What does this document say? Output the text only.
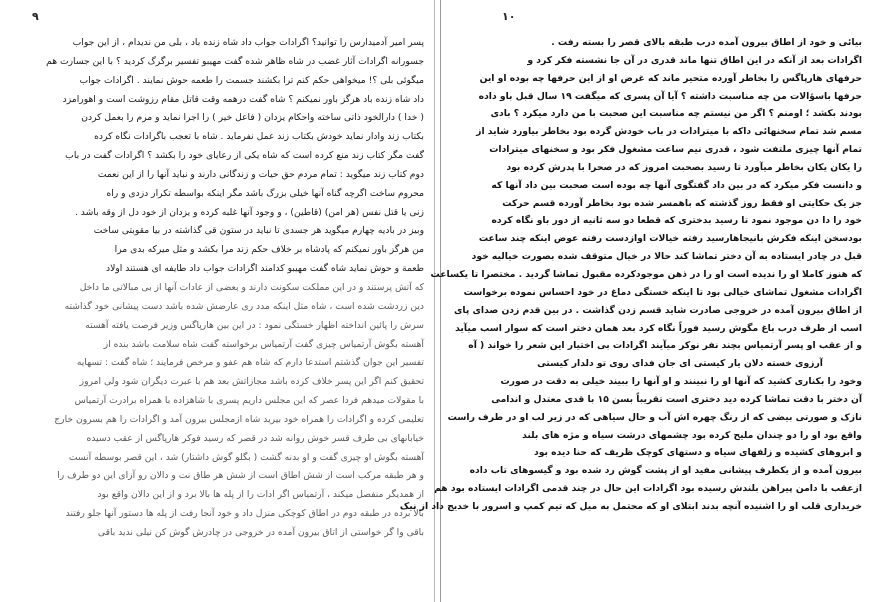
۹
پسر امیر آدمیدارس را توانید؟ اگرادات جواب داد شاه زنده باد ، بلی من ندیدام ، از این جواب
جسورانه اگرادات آثار غضب در شاه ظاهر شده گفت مهیبو تفسیر برگرگ کردید ؟ با این جسارت هم
میگوئی بلی ؟! میخواهی حکم کنم ترا بکشند جسمت را طعمه حوش نمایند . اگرادات جواب
داد شاه زنده باد هرگز باور نمیکنم ؟ شاه گفت درهمه وقت قاتل مقام رزوشت است و اهورامزد
( خدا ) دارالخود ذاتی ساخته واحکام یزدان ( فاعل خیر ) را اجرا نماید و مرم را بعمل کردن
بکتاب زند وادار نماید خودش بکتاب زند عمل نفرماید . شاه با تعجب باگرادات نگاه کرده
گفت مگر کتاب زند منع کرده است که شاه یکی از رعایای خود را بکشد ؟ اگرادات گفت در باب
دوم کتاب زند میگوید : تمام مردم حق حیات و زندگانی دارند و نباید آنها را از این نعمت
محروم ساخت اگرچه گناه آنها خیلی بزرگ باشد مگر اینکه بواسطه تکرار دزدی و راه
زنی یا قتل نفس (هر امن) (قاطین) ، و وجود آنها غلبه کرده و یزدان از خود دل از وقه باشد .
وبیز در بادیه چهارم میگوید هر جسدی تا نباید در ستون قی گذاشته در بیا مقوبتی ساخت
من هرگز باور نمیکنم که پادشاه بر خلاف حکم زند مرا بکشد و مثل میرکه بدی مرا
طعمة و حوش نماید شاه گفت مهیبو کدامند اگرادات جواب داد طایفه ای هستند اولاد
که آتش پرستند و در این مملکت سکونت دارند و بعضی از عادات آنها از بی مبالاتی ما داخل
دین زردشت شده است ، شاه مثل اینکه مدد ری عارضش شده باشد دست پیشانی خود گذاشته
سرش را پائین انداخته اظهار خستگی نمود : در این بین هارپاگس وزیر فرصت یافته آهسته
آهسته بگوش آرتمیاس چیزی گفت آرتمیاس برخواسته گفت شاه سلامت باشد بنده از
تفسیر این جوان گذشتم استدعا دارم که شاه هم عفو و مرخص فرمایند ؛ شاه گفت : تسهایه
تحقیق کنم اگر این پسر خلاف کرده باشد مجازاتش بعد هم با عبرت دیگران شود ولی امروز
با مقولات میدهم فردا عصر که این مجلس داریم پسری با شاهزاده با همراه برادرت آرتمیاس
تعلیمی کرده و اگرادات را همراه خود بیرید شاه ازمجلس بیرون آمد و اگرادات را هم بسرون خارج
خیابانهای بی طرف قسر خوش روانه شد در قصر که رسید فوکر هارپاگس از عقب دسیده
آهسته بگوش او چیزی گفت و او بدنه گشت ( بگلو گوش داشتار) شد ، این قصر بوسطه آنست
و هر طبقه مرکب است از شش اطاق است از شش هر طاق نت و دالان رو آزای این دو طرف را
از همدیگر منفصل میکند ، آرتمیاس اگر ادات را از پله ها بالا برد و از این دالان واقع بود
بالا برده در طبقه دوم در اطاق کوچکی منزل داد و خود آنجا رفت از پله ها دستور آنها جلو رفتند
باقی وا گر خواستی از اتاق بیرون آمده در خروجی در چادرش گوش کن نیلی ندید باقی
۱۰
بیائی و خود از اطاق بیرون آمده درب طبقه بالای قصر را بسته رفت .
اگرادات بعد از آنکه در این اطاق تنها ماند قدری در آن جا نشسته فکر کرد و
حرفهای هارپاگس را بخاطر آورده متحیر ماند که غرض او از این حرفها چه بوده او این
حرفها باسؤالات من چه مناسبت داشته ؟ آیا آن پسری که میگفت ۱۹ سال قبل باو داده
بودند بکشد ؛ اومنم ؟ اگر من نیستم چه مناسبت این صحبت با من دارد میکرد ؟ بادی
مسم شد تمام سخنهائی داکه با میترادات در باب خودش گرده بود بخاطر بیاورد شاید از
تمام آنها چیزی ملتفت شود ، قدری نیم ساعت مشغول فکر بود و سخنهای میترادات
را یکان یکان بخاطر میآورد تا رسید بصحبت امروز که در صحرا با پدرش کرده بود
و دانست فکر میکرد که در بین داد گفتگوی آنها چه بوده است صحبت بین داد آنها که
جز یک حکایتی او فقط روز گذشته که باهمسر شده بود بخاطر آورده قسم حرکت
خود را دا دن موجود نمود تا رسید بدختری که قطعا دو سه ثانیه از دور باو نگاه کرده
بودسخن اینکه فکرش بانیجاهارسید رفته خیالات اوازدست رفته عوض اینکه چند ساعت
قبل در چادر ایستاده به آن دختر تماشا کند حالا در خیال متوقف شده بصورت خیالیه خود
که هنوز کاملا او را ندیده است او را در ذهن موجودکرده مقبول تماشا گردید . مختصرا تا یکساعت
اگرادات مشغول تماشای خیالی بود تا اینکه خستگی دماغ در خود احساس نموده برخواست
از اطاق بیرون آمده در خروجی صادرت شاید قسم زدن گذاشت . در بین قدم زدن صدای پای
اسب از طرف درب باغ مگوش رسید فوراً نگاه کرد بعد همان دختر است که سوار اسب میآید
و از عقب او پسر آرتمیاس بچند نفر نوکر میآیند اگرادات بی اختیار این شعر را خواند ( آه
آرزوی خسته دلان یار کیستی ای جان فدای روی تو دلدار کیستی
وخود را بکناری کشید که آنها او را نبینند و او آنها را ببیند خیلی به دقت در صورت
آن دختر با دقت تماشا کرده دید دختری است تقریباً بسن ۱۵ با قدی معتدل و اندامی
نازک و صورتی بیضی که از رنگ چهره اش آب و حال سیاهی که در زیر لب او در طرف راست
واقع بود او را دو چندان ملیح کرده بود چشمهای درشت سیاه و مژه های بلند
و ابروهای کشیده و زلفهای سیاه و دستهای کوچک ظریف که حنا دیده بود
بیرون آمده و از یکطرف پیشانی مفید او از پشت گوش رد شده بود و گیسوهای تاب داده
ازعقب با دامن پیراهن بلندش رسیده بود اگرادات این حال در چند قدمی اگرادات ایستاده بود هم
خریداری قلب او را اشنیده آنچه بدند ابتلای او که محتمل به میل که تیم کمپ و اسرور با خدیج داد از نیک
